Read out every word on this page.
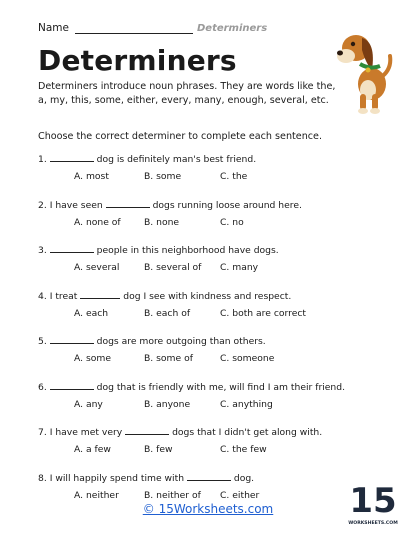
Name	Determiners
Determiners

Determiners introduce noun phrases. They are words like the, a, my, this, some, either, every, many, enough, several, etc.

Choose the correct determiner to complete each sentence.

1.	dog is definitely man's best friend.
A. most	B. some	C. the
2. I have seen	dogs running loose around here.
A. none of	B. none	C. no
3.	people in this neighborhood have dogs.
A. several	B. several of	C. many
4. I treat	dog I see with kindness and respect.
A. each	B. each of	C. both are correct
5.	dogs are more outgoing than others.
A. some	B. some of	C. someone
6.	dog that is friendly with me, will find I am their friend.
A. any	B. anyone	C. anything
7. I have met very	dogs that I didn't get along with.
A. a few	B. few	C. the few
8. I will happily spend time with	dog.
A. neither	B. neither of	C. either
© 15Worksheets.com	15
WORKSHEETS.COM
